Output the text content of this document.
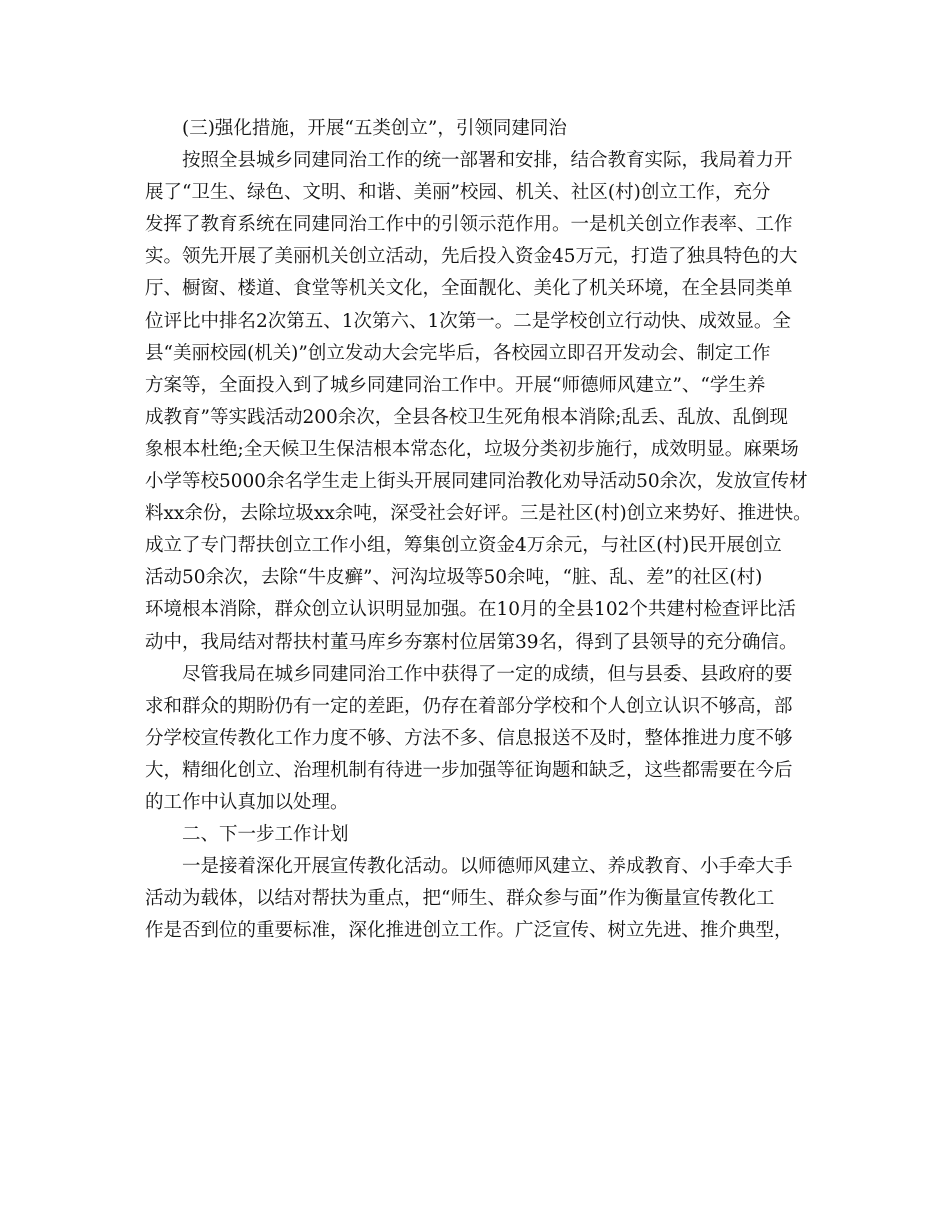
(三)强化措施，开展“五类创立”，引领同建同治
按照全县城乡同建同治工作的统一部署和安排，结合教育实际，我局着力开
展了“卫生、绿色、文明、和谐、美丽”校园、机关、社区(村)创立工作，充分
发挥了教育系统在同建同治工作中的引领示范作用。一是机关创立作表率、工作
实。领先开展了美丽机关创立活动，先后投入资金45万元，打造了独具特色的大
厅、橱窗、楼道、食堂等机关文化，全面靓化、美化了机关环境，在全县同类单
位评比中排名2次第五、1次第六、1次第一。二是学校创立行动快、成效显。全
县“美丽校园(机关)”创立发动大会完毕后，各校园立即召开发动会、制定工作
方案等，全面投入到了城乡同建同治工作中。开展“师德师风建立”、“学生养
成教育”等实践活动200余次，全县各校卫生死角根本消除;乱丢、乱放、乱倒现
象根本杜绝;全天候卫生保洁根本常态化，垃圾分类初步施行，成效明显。麻栗场
小学等校5000余名学生走上街头开展同建同治教化劝导活动50余次，发放宣传材
料xx余份，去除垃圾xx余吨，深受社会好评。三是社区(村)创立来势好、推进快。
成立了专门帮扶创立工作小组，筹集创立资金4万余元，与社区(村)民开展创立
活动50余次，去除“牛皮癣”、河沟垃圾等50余吨，“脏、乱、差”的社区(村)
环境根本消除，群众创立认识明显加强。在10月的全县102个共建村检查评比活
动中，我局结对帮扶村董马库乡夯寨村位居第39名，得到了县领导的充分确信。
尽管我局在城乡同建同治工作中获得了一定的成绩，但与县委、县政府的要
求和群众的期盼仍有一定的差距，仍存在着部分学校和个人创立认识不够高，部
分学校宣传教化工作力度不够、方法不多、信息报送不及时，整体推进力度不够
大，精细化创立、治理机制有待进一步加强等征询题和缺乏，这些都需要在今后
的工作中认真加以处理。
二、下一步工作计划
一是接着深化开展宣传教化活动。以师德师风建立、养成教育、小手牵大手
活动为载体，以结对帮扶为重点，把“师生、群众参与面”作为衡量宣传教化工
作是否到位的重要标准，深化推进创立工作。广泛宣传、树立先进、推介典型，
